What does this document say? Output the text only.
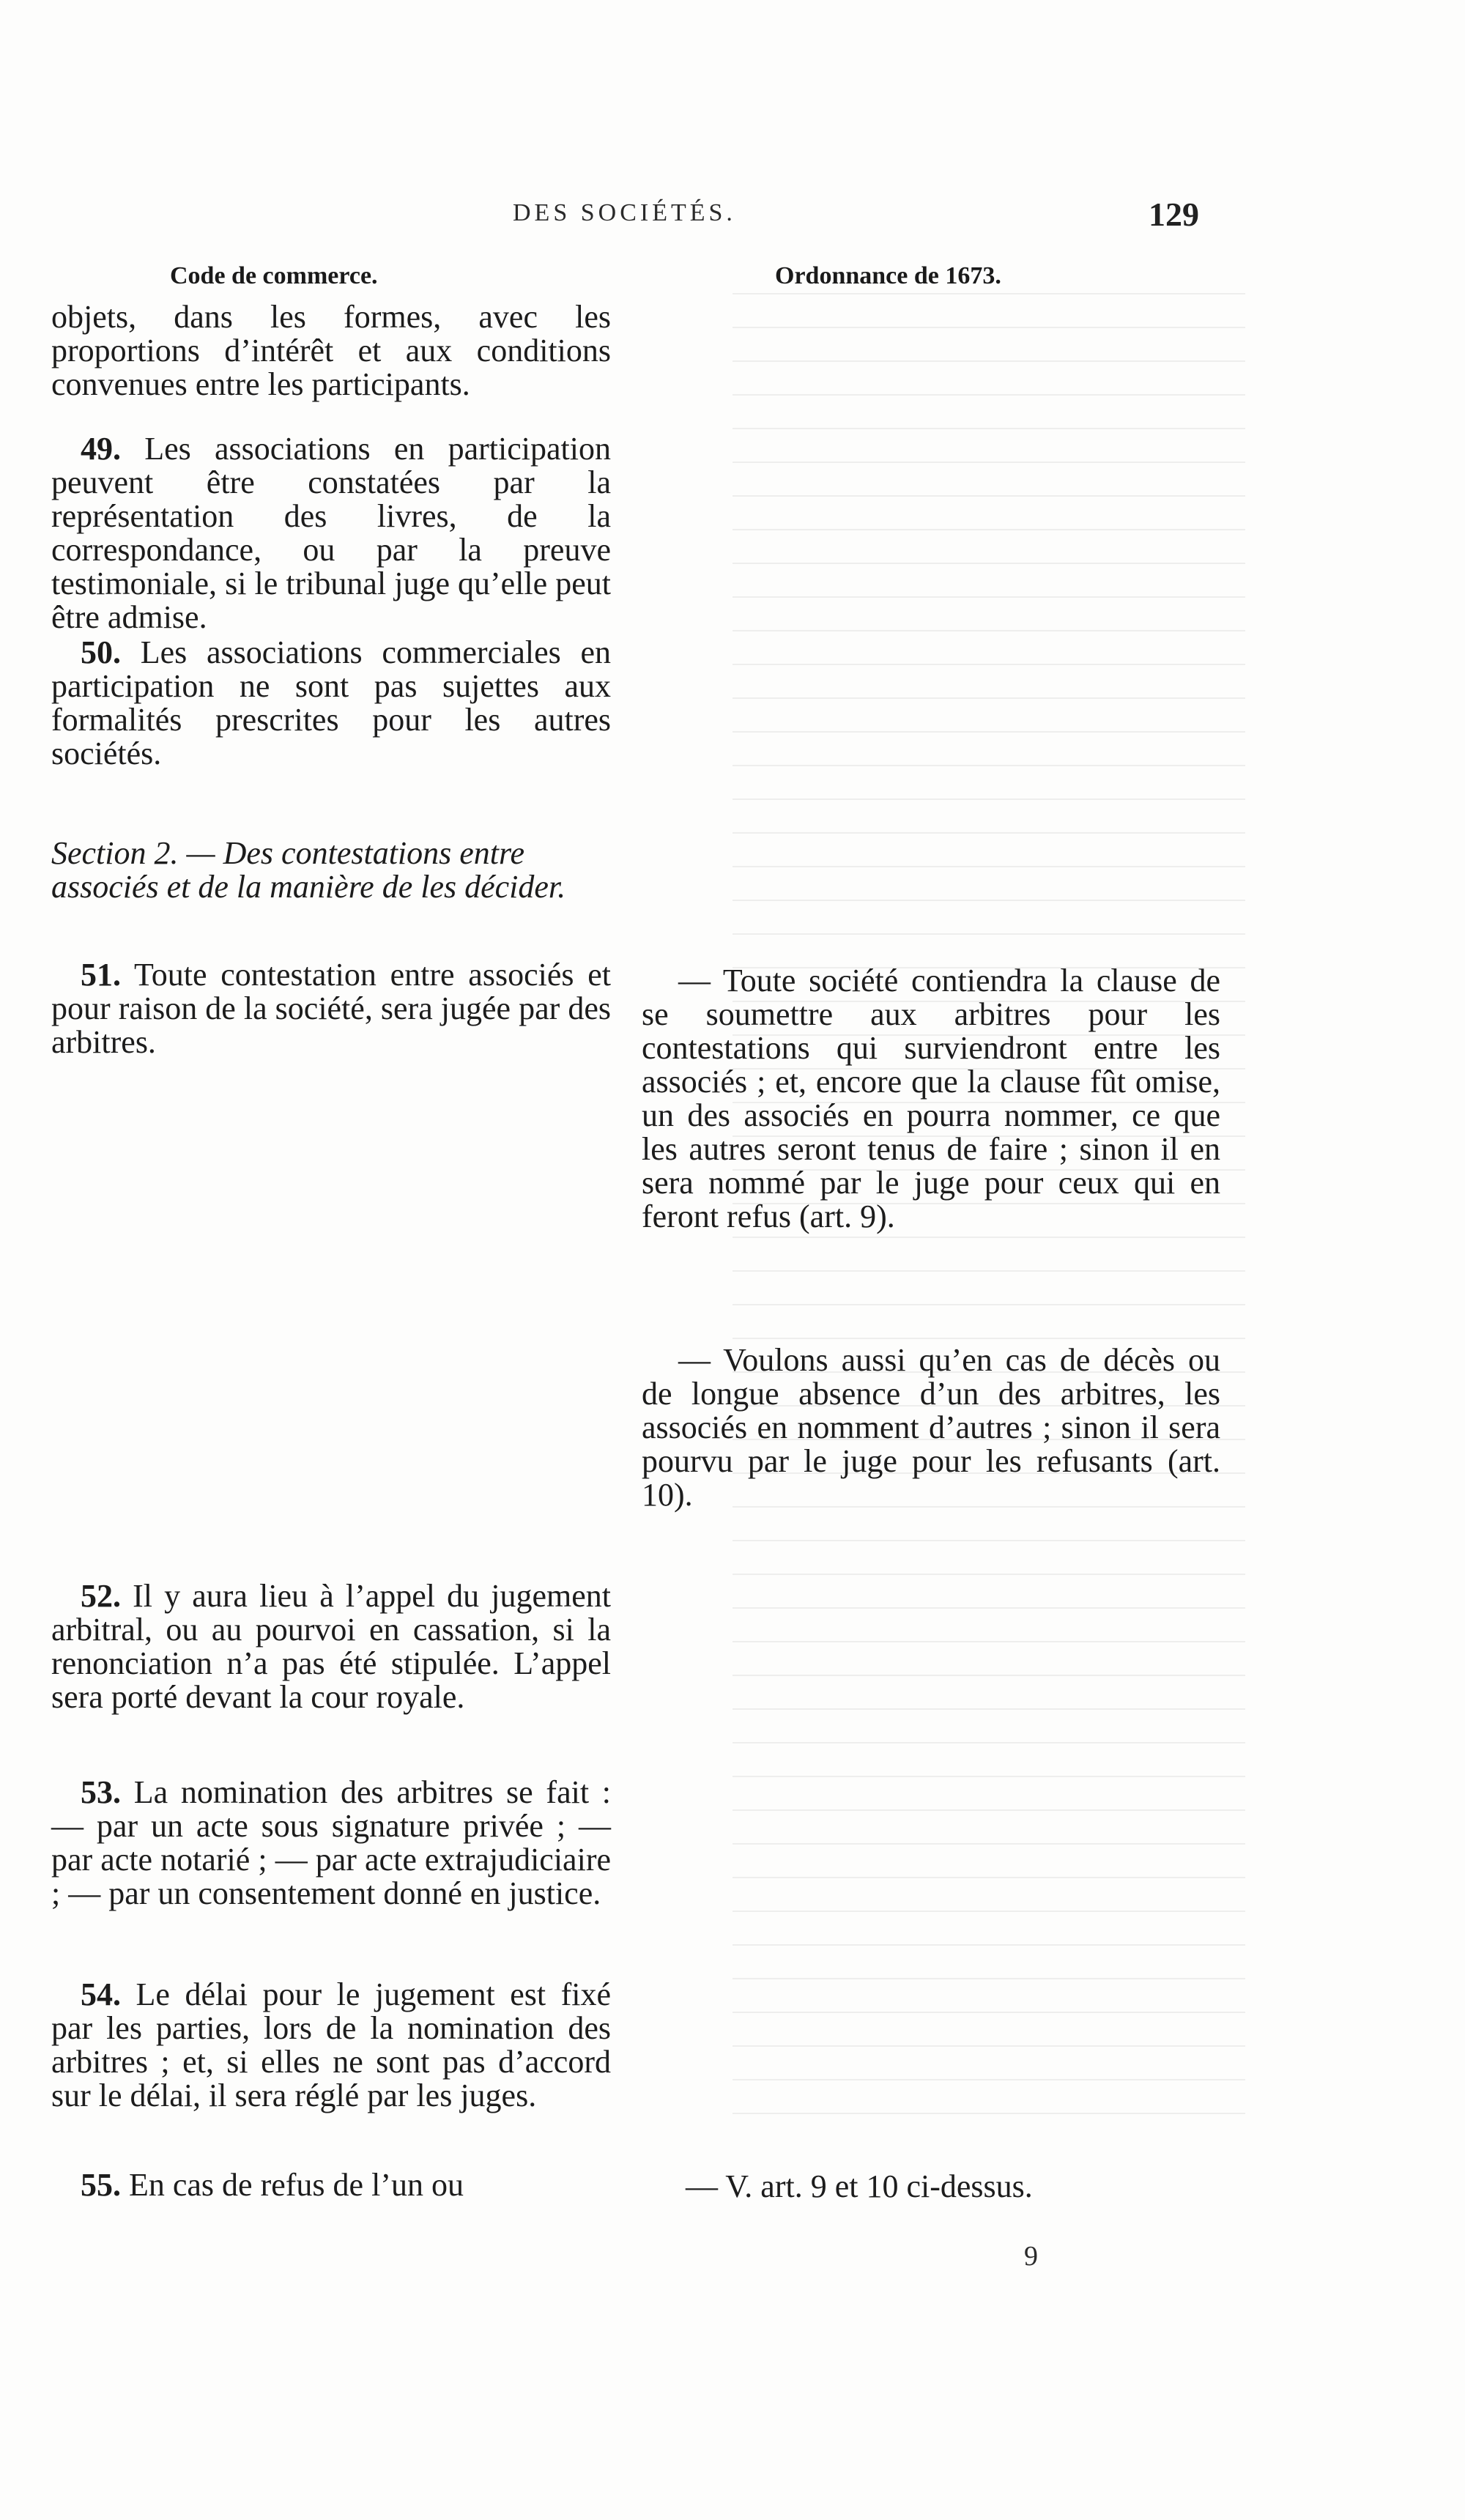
DES SOCIÉTÉS.	129
Code de commerce.	Ordonnance de 1673.

objets, dans les formes, avec les proportions d’intérêt et aux conditions convenues entre les participants.

49. Les associations en participation peuvent être constatées par la représentation des livres, de la correspondance, ou par la preuve testimoniale, si le tribunal juge qu’elle peut être admise.

50. Les associations commerciales en participation ne sont pas sujettes aux formalités prescrites pour les autres sociétés.

Section 2. — Des contestations entre associés et de la manière de les décider.

51. Toute contestation entre associés et pour raison de la société, sera jugée par des arbitres.

52. Il y aura lieu à l’appel du jugement arbitral, ou au pourvoi en cassation, si la renonciation n’a pas été stipulée. L’appel sera porté devant la cour royale.

53. La nomination des arbitres se fait : — par un acte sous signature privée ; — par acte notarié ; — par acte extrajudiciaire ; — par un consentement donné en justice.

54. Le délai pour le jugement est fixé par les parties, lors de la nomination des arbitres ; et, si elles ne sont pas d’accord sur le délai, il sera réglé par les juges.

55. En cas de refus de l’un ou

— Toute société contiendra la clause de se soumettre aux arbitres pour les contestations qui surviendront entre les associés ; et, encore que la clause fût omise, un des associés en pourra nommer, ce que les autres seront tenus de faire ; sinon il en sera nommé par le juge pour ceux qui en feront refus (art. 9).

— Voulons aussi qu’en cas de décès ou de longue absence d’un des arbitres, les associés en nomment d’autres ; sinon il sera pourvu par le juge pour les refusants (art. 10).

— V. art. 9 et 10 ci-dessus.

9
